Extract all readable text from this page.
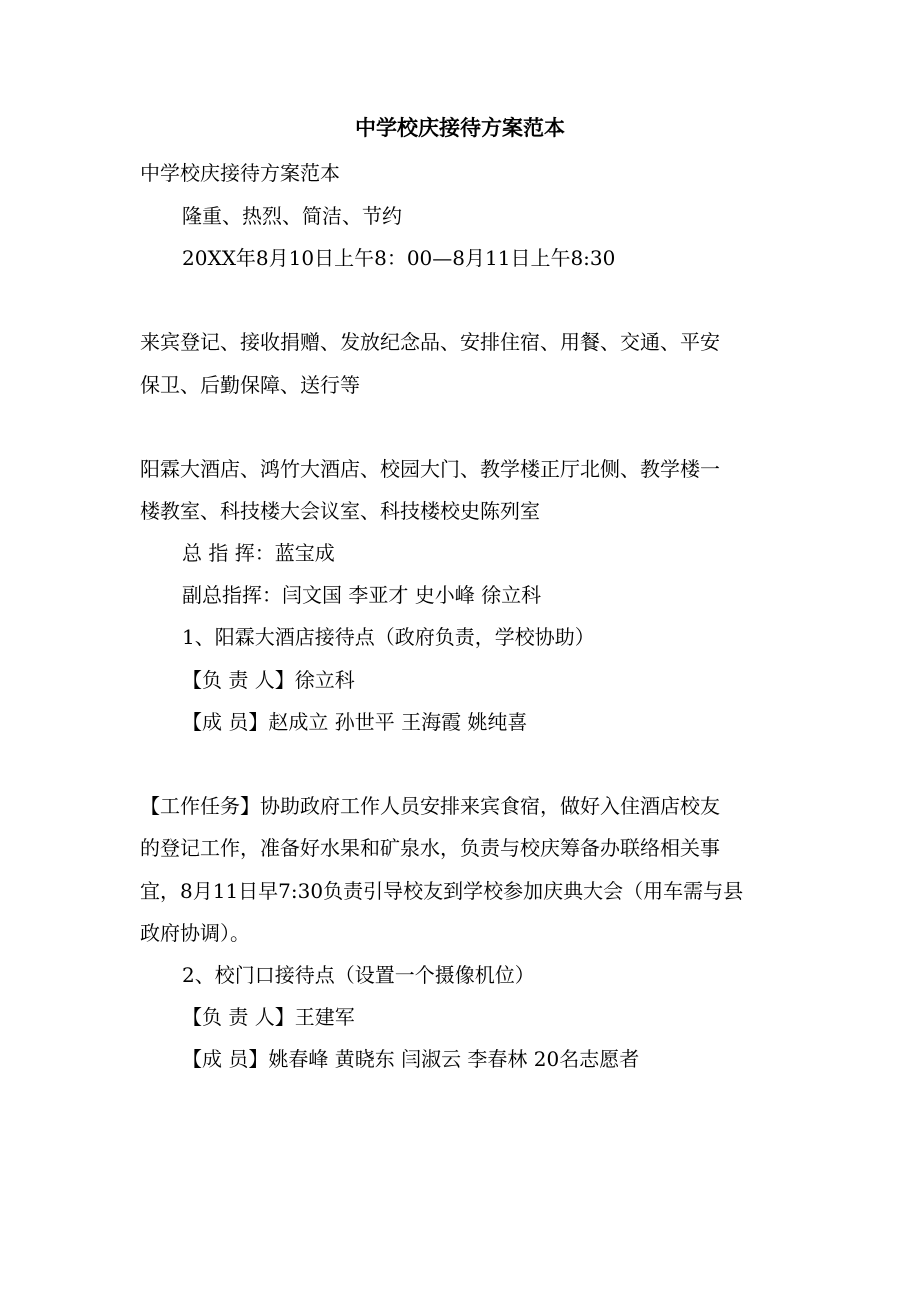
中学校庆接待方案范本
中学校庆接待方案范本
隆重、热烈、简洁、节约
20XX年8月10日上午8：00—8月11日上午8:30
来宾登记、接收捐赠、发放纪念品、安排住宿、用餐、交通、平安
保卫、后勤保障、送行等
阳霖大酒店、鸿竹大酒店、校园大门、教学楼正厅北侧、教学楼一
楼教室、科技楼大会议室、科技楼校史陈列室
总 指 挥：蓝宝成
副总指挥：闫文国 李亚才 史小峰 徐立科
1、阳霖大酒店接待点（政府负责，学校协助）
【负 责 人】徐立科
【成 员】赵成立 孙世平 王海霞 姚纯喜
【工作任务】协助政府工作人员安排来宾食宿，做好入住酒店校友
的登记工作，准备好水果和矿泉水，负责与校庆筹备办联络相关事
宜，8月11日早7:30负责引导校友到学校参加庆典大会（用车需与县
政府协调）。
2、校门口接待点（设置一个摄像机位）
【负 责 人】王建军
【成 员】姚春峰 黄晓东 闫淑云 李春林 20名志愿者
